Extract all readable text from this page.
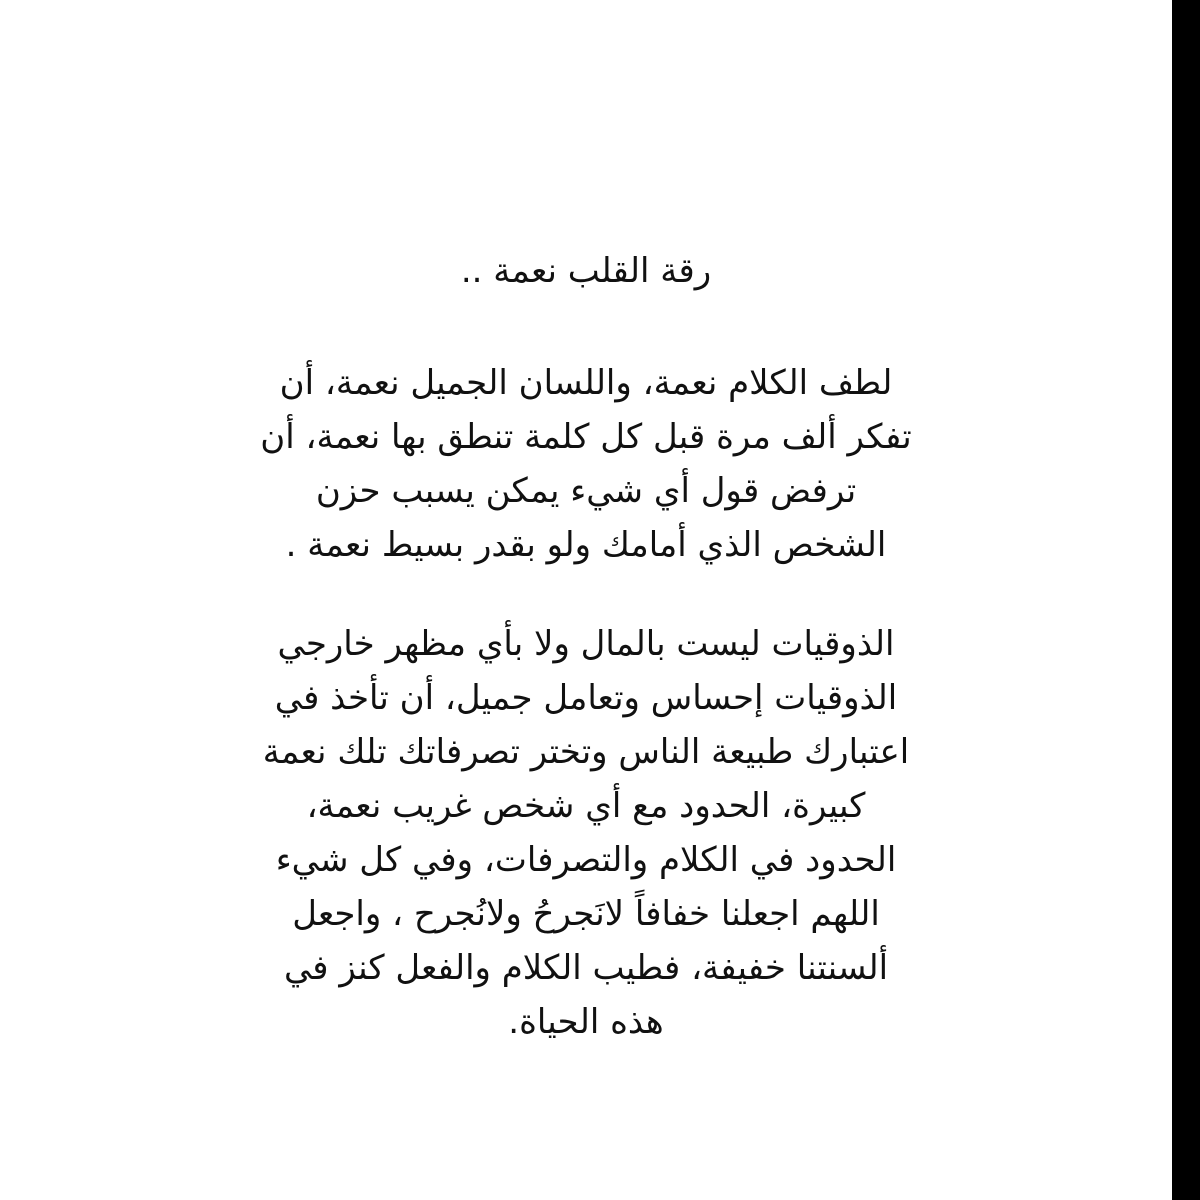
رقة القلب نعمة ..
لطف الكلام نعمة، واللسان الجميل نعمة، أن
تفكر ألف مرة قبل كل كلمة تنطق بها نعمة، أن
ترفض قول أي شيء يمكن يسبب حزن
الشخص الذي أمامك ولو بقدر بسيط نعمة .
الذوقيات ليست بالمال ولا بأي مظهر خارجي
الذوقيات إحساس وتعامل جميل، أن تأخذ في
اعتبارك طبيعة الناس وتختر تصرفاتك تلك نعمة
كبيرة، الحدود مع أي شخص غريب نعمة،
الحدود في الكلام والتصرفات، وفي كل شيء
اللهم اجعلنا خفافاً لانَجرحُ ولانُجرح ، واجعل
ألسنتنا خفيفة، فطيب الكلام والفعل كنز في
هذه الحياة.
